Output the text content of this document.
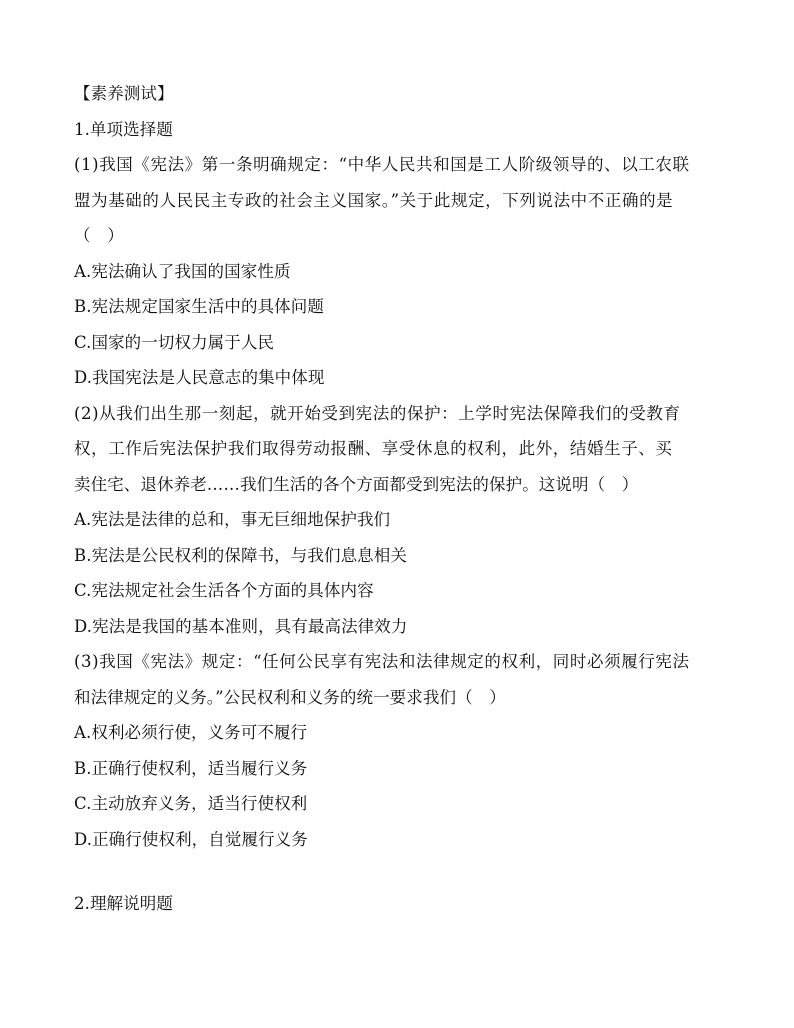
【素养测试】
1.单项选择题
(1)我国《宪法》第一条明确规定：“中华人民共和国是工人阶级领导的、以工农联
盟为基础的人民民主专政的社会主义国家。”关于此规定，下列说法中不正确的是
（　）
A.宪法确认了我国的国家性质
B.宪法规定国家生活中的具体问题
C.国家的一切权力属于人民
D.我国宪法是人民意志的集中体现
(2)从我们出生那一刻起，就开始受到宪法的保护：上学时宪法保障我们的受教育
权，工作后宪法保护我们取得劳动报酬、享受休息的权利，此外，结婚生子、买
卖住宅、退休养老……我们生活的各个方面都受到宪法的保护。这说明（　）
A.宪法是法律的总和，事无巨细地保护我们
B.宪法是公民权利的保障书，与我们息息相关
C.宪法规定社会生活各个方面的具体内容
D.宪法是我国的基本准则，具有最高法律效力
(3)我国《宪法》规定：“任何公民享有宪法和法律规定的权利，同时必须履行宪法
和法律规定的义务。”公民权利和义务的统一要求我们（　）
A.权利必须行使，义务可不履行
B.正确行使权利，适当履行义务
C.主动放弃义务，适当行使权利
D.正确行使权利，自觉履行义务
2.理解说明题
